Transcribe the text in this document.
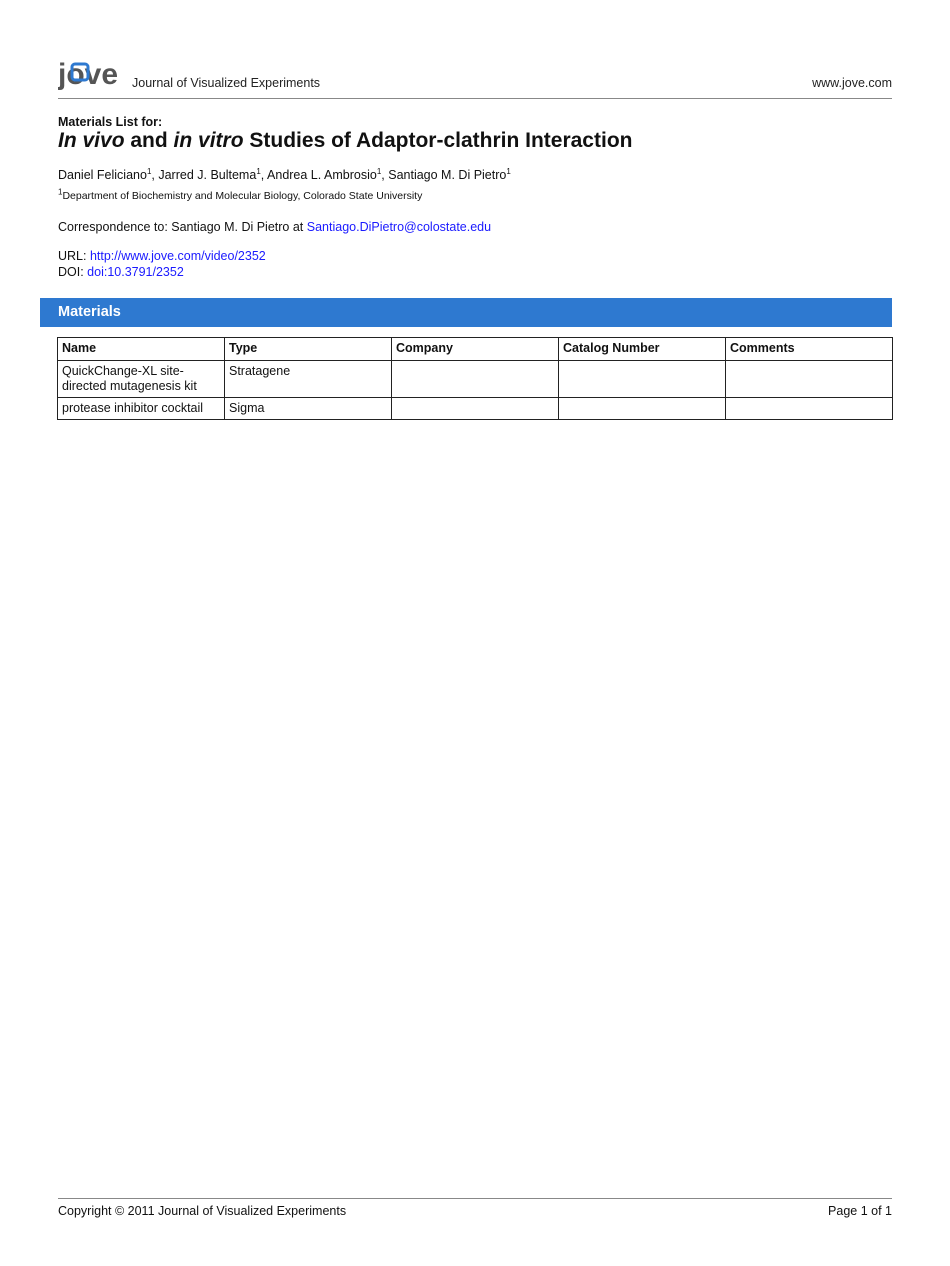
jove Journal of Visualized Experiments	www.jove.com
Materials List for:
In vivo and in vitro Studies of Adaptor-clathrin Interaction
Daniel Feliciano$^1$, Jarred J. Bultema$^1$, Andrea L. Ambrosio$^1$, Santiago M. Di Pietro$^1$
$^1$Department of Biochemistry and Molecular Biology, Colorado State University
Correspondence to: Santiago M. Di Pietro at Santiago.DiPietro@colostate.edu
URL: http://www.jove.com/video/2352
DOI: doi:10.3791/2352
Materials
Name	Type	Company	Catalog Number	Comments
QuickChange-XL site-directed mutagenesis kit	Stratagene			
protease inhibitor cocktail	Sigma			
Copyright © 2011 Journal of Visualized Experiments	Page 1 of 1
